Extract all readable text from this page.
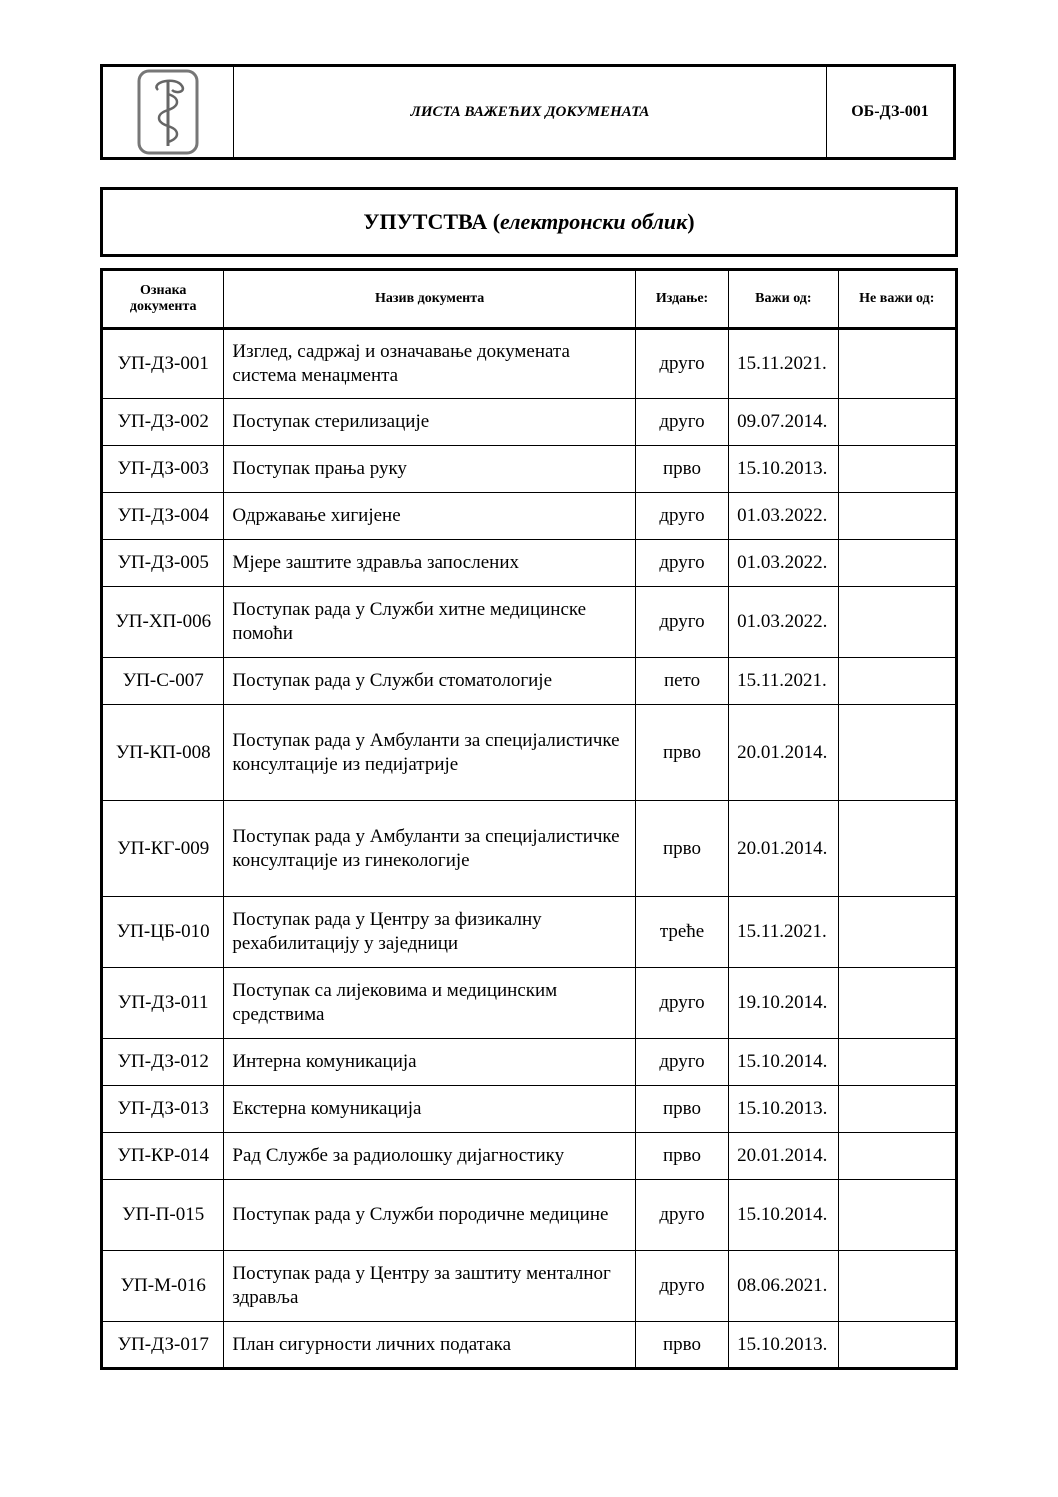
ЛИСТА ВАЖЕЋИХ ДОКУМЕНАТА	ОБ-ДЗ-001
УПУТСТВА ( електронски облик )
Ознака документа	Назив документа	Издање:	Важи од:	Не важи од:
УП-ДЗ-001	Изглед, садржај и означавање докумената система менаџмента	друго	15.11.2021.	
УП-ДЗ-002	Поступак стерилизације	друго	09.07.2014.	
УП-ДЗ-003	Поступак прања руку	прво	15.10.2013.	
УП-ДЗ-004	Одржавање хигијене	друго	01.03.2022.	
УП-ДЗ-005	Мјере заштите здравља запослених	друго	01.03.2022.	
УП-ХП-006	Поступак рада у Служби хитне медицинске помоћи	друго	01.03.2022.	
УП-С-007	Поступак рада у Служби стоматологије	пето	15.11.2021.	
УП-КП-008	Поступак рада у Амбуланти за специјалистичке консултације из педијатрије	прво	20.01.2014.	
УП-КГ-009	Поступак рада у Амбуланти за специјалистичке консултације из гинекологије	прво	20.01.2014.	
УП-ЦБ-010	Поступак рада у Центру за физикалну рехабилитацију у заједници	треће	15.11.2021.	
УП-ДЗ-011	Поступак са лијековима и медицинским средствима	друго	19.10.2014.	
УП-ДЗ-012	Интерна комуникација	друго	15.10.2014.	
УП-ДЗ-013	Екстерна комуникација	прво	15.10.2013.	
УП-КР-014	Рад Службе за радиолошку дијагностику	прво	20.01.2014.	
УП-П-015	Поступак рада у Служби породичне медицине	друго	15.10.2014.	
УП-М-016	Поступак рада у Центру за заштиту менталног здравља	друго	08.06.2021.	
УП-ДЗ-017	План сигурности личних података	прво	15.10.2013.	
